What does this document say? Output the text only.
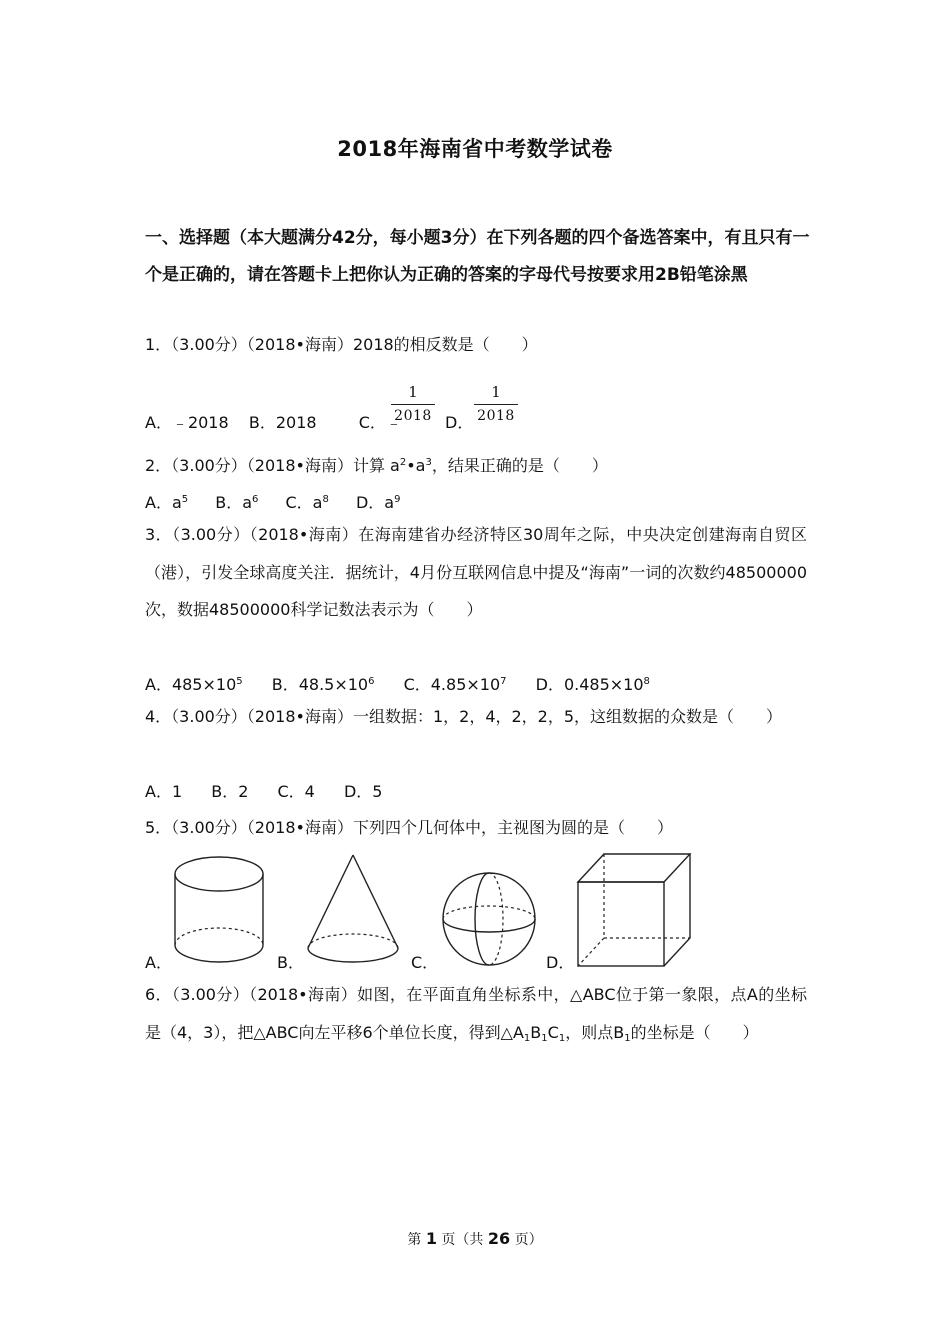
2018年海南省中考数学试卷
一、选择题（本大题满分42分，每小题3分）在下列各题的四个备选答案中，有且只有一个是正确的，请在答题卡上把你认为正确的答案的字母代号按要求用2B铅笔涂黑
1．（3.00分）（2018•海南）2018的相反数是（　　）
A．﹣2018 B．2018	C．﹣	D．
1
2018
1
2018
2．（3.00分）（2018•海南）计算 $a^2•a^3$，结果正确的是（　　）
A．$a^5$ B．$a^6$ C．$a^8$ D．$a^9$
3．（3.00分）（2018•海南）在海南建省办经济特区30周年之际，中央决定创建海南自贸区（港），引发全球高度关注．据统计，4月份互联网信息中提及“海南”一词的次数约48500000次，数据48500000科学记数法表示为（　　）
A．$485\times 10^5$ B．$48.5\times 10^6$ C．$4.85\times 10^7$ D．$0.485\times 10^8$
4．（3.00分）（2018•海南）一组数据：1，2，4，2，2，5，这组数据的众数是（　　）
A．1 B．2 C．4 D．5
5．（3.00分）（2018•海南）下列四个几何体中，主视图为圆的是（　　）
A．	B．	C．	D．
6．（3.00分）（2018•海南）如图，在平面直角坐标系中，△ABC位于第一象限，点A的坐标是（4，3），把△ABC向左平移6个单位长度，得到$\triangle A_1B_1C_1$，则点$B_1$的坐标是（　　）
第 1 页（共 26 页）
